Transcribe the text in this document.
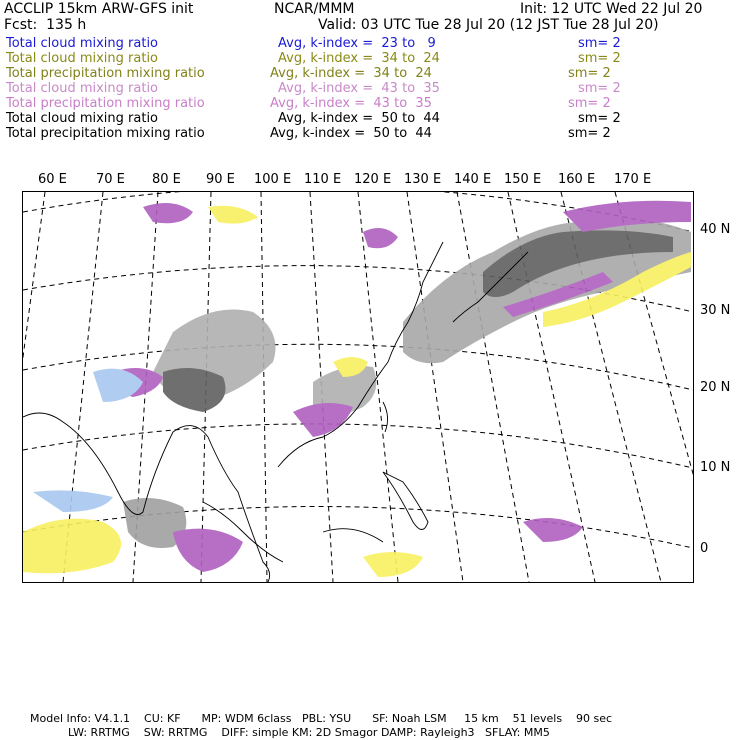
ACCLIP 15km ARW-GFS init	NCAR/MMM	Init: 12 UTC Wed 22 Jul 20
Fcst:  135 h	Valid: 03 UTC Tue 28 Jul 20 (12 JST Tue 28 Jul 20)
Total cloud mixing ratio	Avg, k-index =  23 to   9	sm= 2
Total cloud mixing ratio	Avg, k-index =  34 to  24	sm= 2
Total precipitation mixing ratio	Avg, k-index =  34 to  24	sm= 2
Total cloud mixing ratio	Avg, k-index =  43 to  35	sm= 2
Total precipitation mixing ratio	Avg, k-index =  43 to  35	sm= 2
Total cloud mixing ratio	Avg, k-index =  50 to  44	sm= 2
Total precipitation mixing ratio	Avg, k-index =  50 to  44	sm= 2
60 E 70 E 80 E 90 E 100 E 110 E 120 E 130 E 140 E 150 E 160 E 170 E
40 N
30 N
20 N
10 N
0
Model Info: V4.1.1    CU: KF      MP: WDM 6class   PBL: YSU      SF: Noah LSM     15 km    51 levels    90 sec
LW: RRTMG    SW: RRTMG    DIFF: simple KM: 2D Smagor DAMP: Rayleigh3   SFLAY: MM5
